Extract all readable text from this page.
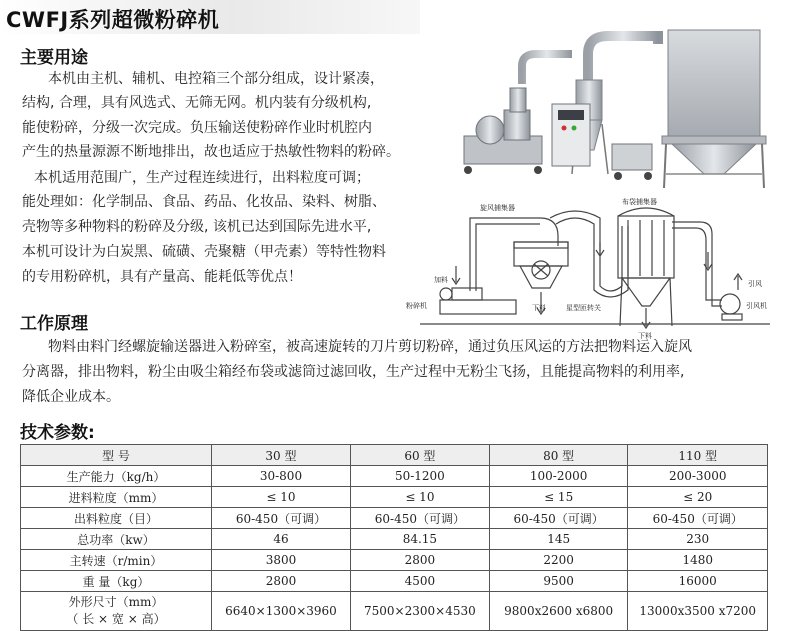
CWFJ系列超微粉碎机
主要用途
本机由主机、辅机、电控箱三个部分组成，设计紧凑，
结构, 合理，具有风选式、无筛无网。机内装有分级机构,
能使粉碎，分级一次完成。负压输送使粉碎作业时机腔内
产生的热量源源不断地排出，故也适应于热敏性物料的粉碎。
本机适用范围广，生产过程连续进行，出料粒度可调；
能处理如：化学制品、食品、药品、化妆品、染料、树脂、
壳物等多种物料的粉碎及分级, 该机已达到国际先进水平,
本机可设计为白炭黑、硫磺、壳聚糖（甲壳素）等特性物料
的专用粉碎机，具有产量高、能耗低等优点！
工作原理
物料由料门经螺旋输送器进入粉碎室，被高速旋转的刀片剪切粉碎，通过负压风运的方法把物料运入旋风
分离器，排出物料，粉尘由吸尘箱经布袋或滤筒过滤回收，生产过程中无粉尘飞扬，且能提高物料的利用率,
降低企业成本。
技术参数:
旋风捕集器
布袋捕集器
加料
粉碎机	下料	星型匝转关
下料
引风
引风机
型 号	30 型	60 型	80 型	110 型
生产能力（kg/h）	30-800	50-1200	100-2000	200-3000
进料粒度（mm）	≤ 10	≤ 10	≤ 15	≤ 20
出料粒度（目）	60-450（可调）	60-450（可调）	60-450（可调）	60-450（可调）
总功率（kw）	46	84.15	145	230
主转速（r/min）	3800	2800	2200	1480
重 量（kg）	2800	4500	9500	16000

外形尺寸（mm）
（ 长 × 宽 × 高）	6640×1300×3960	7500×2300×4530	9800x2600 x6800	13000x3500 x7200
